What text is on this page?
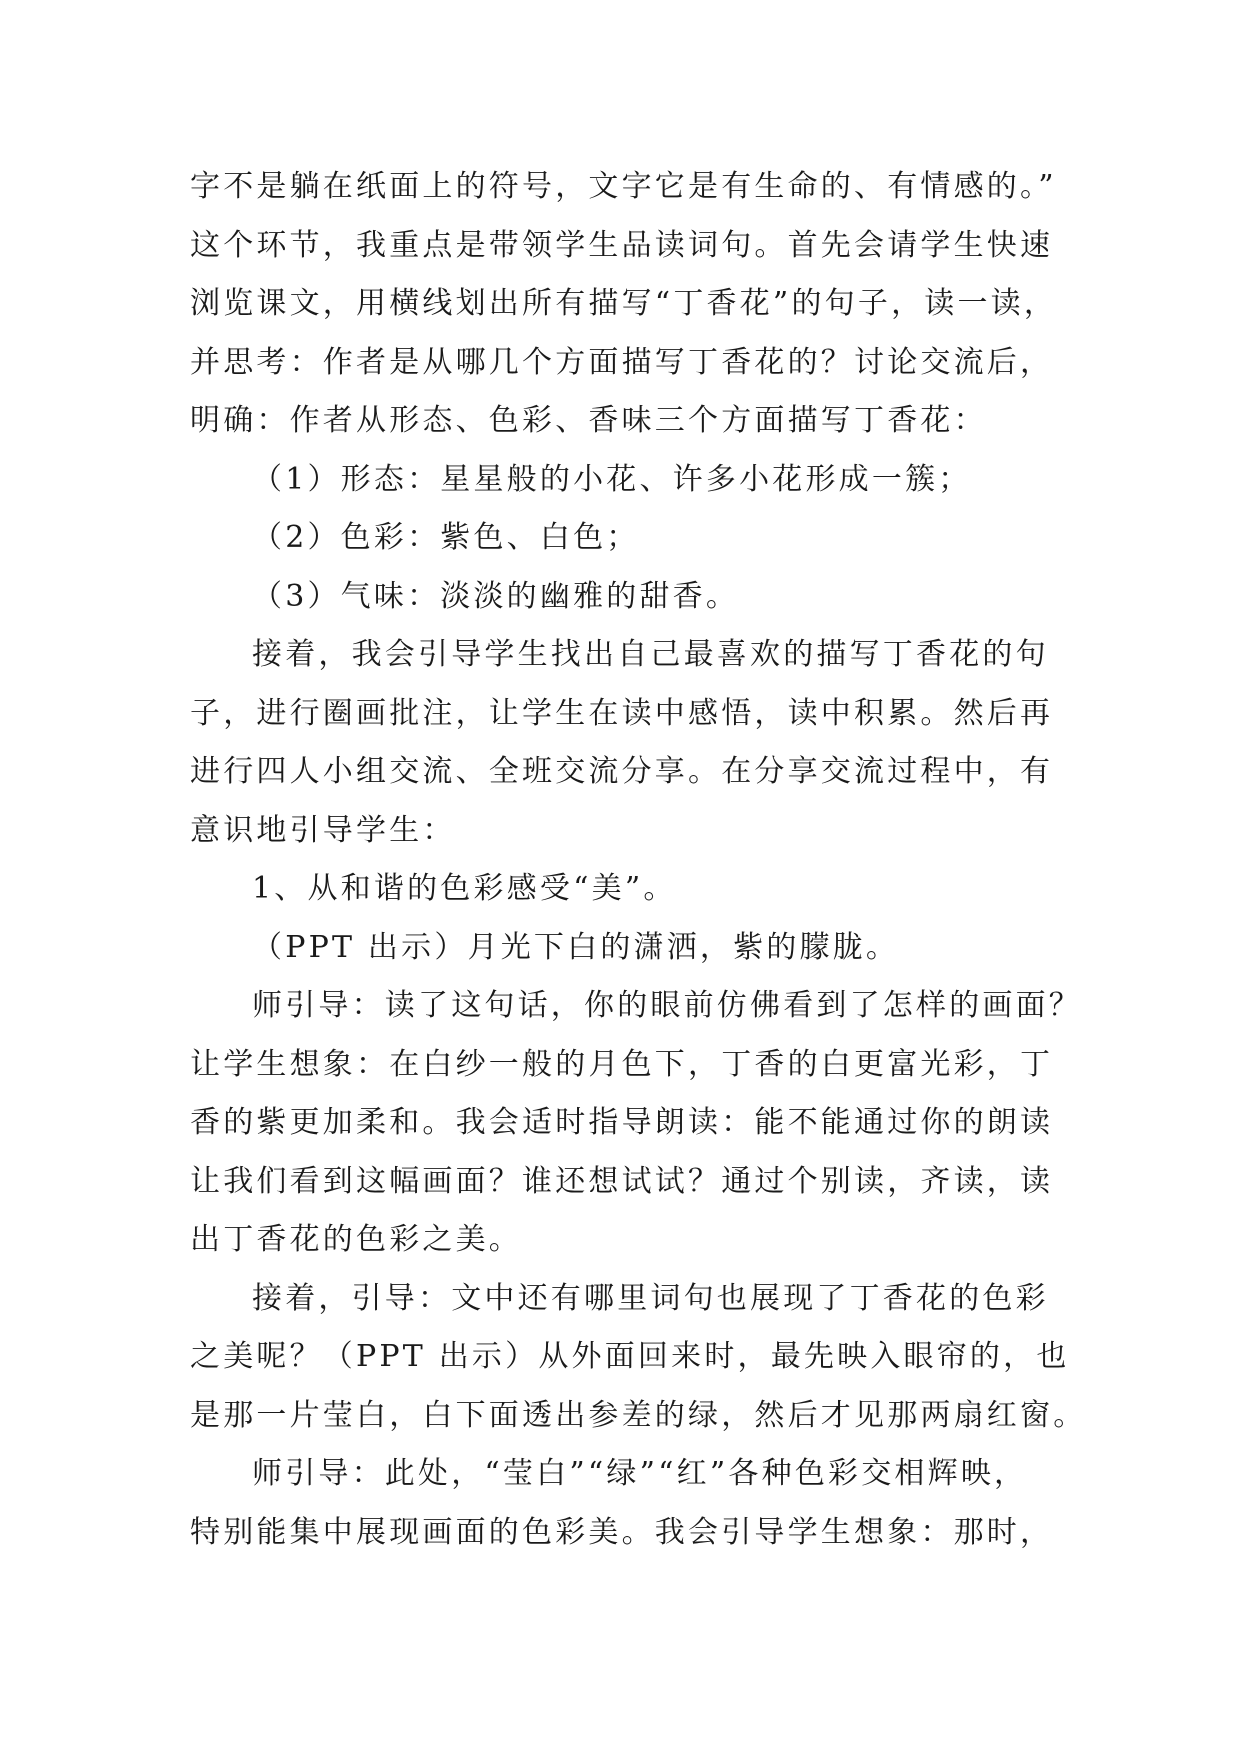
字不是躺在纸面上的符号，文字它是有生命的、有情感的。”
这个环节，我重点是带领学生品读词句。首先会请学生快速
浏览课文，用横线划出所有描写“丁香花”的句子，读一读，
并思考：作者是从哪几个方面描写丁香花的？讨论交流后，
明确：作者从形态、色彩、香味三个方面描写丁香花：
（1）形态：星星般的小花、许多小花形成一簇；
（2）色彩：紫色、白色；
（3）气味：淡淡的幽雅的甜香。
接着，我会引导学生找出自己最喜欢的描写丁香花的句
子，进行圈画批注，让学生在读中感悟，读中积累。然后再
进行四人小组交流、全班交流分享。在分享交流过程中，有
意识地引导学生：
1、从和谐的色彩感受“美”。
（PPT 出示）月光下白的潇洒，紫的朦胧。
师引导：读了这句话，你的眼前仿佛看到了怎样的画面？
让学生想象：在白纱一般的月色下，丁香的白更富光彩，丁
香的紫更加柔和。我会适时指导朗读：能不能通过你的朗读
让我们看到这幅画面？谁还想试试？通过个别读，齐读，读
出丁香花的色彩之美。
接着，引导：文中还有哪里词句也展现了丁香花的色彩
之美呢？（PPT 出示）从外面回来时，最先映入眼帘的，也
是那一片莹白，白下面透出参差的绿，然后才见那两扇红窗。
师引导：此处，“莹白”“绿”“红”各种色彩交相辉映，
特别能集中展现画面的色彩美。我会引导学生想象：那时，
